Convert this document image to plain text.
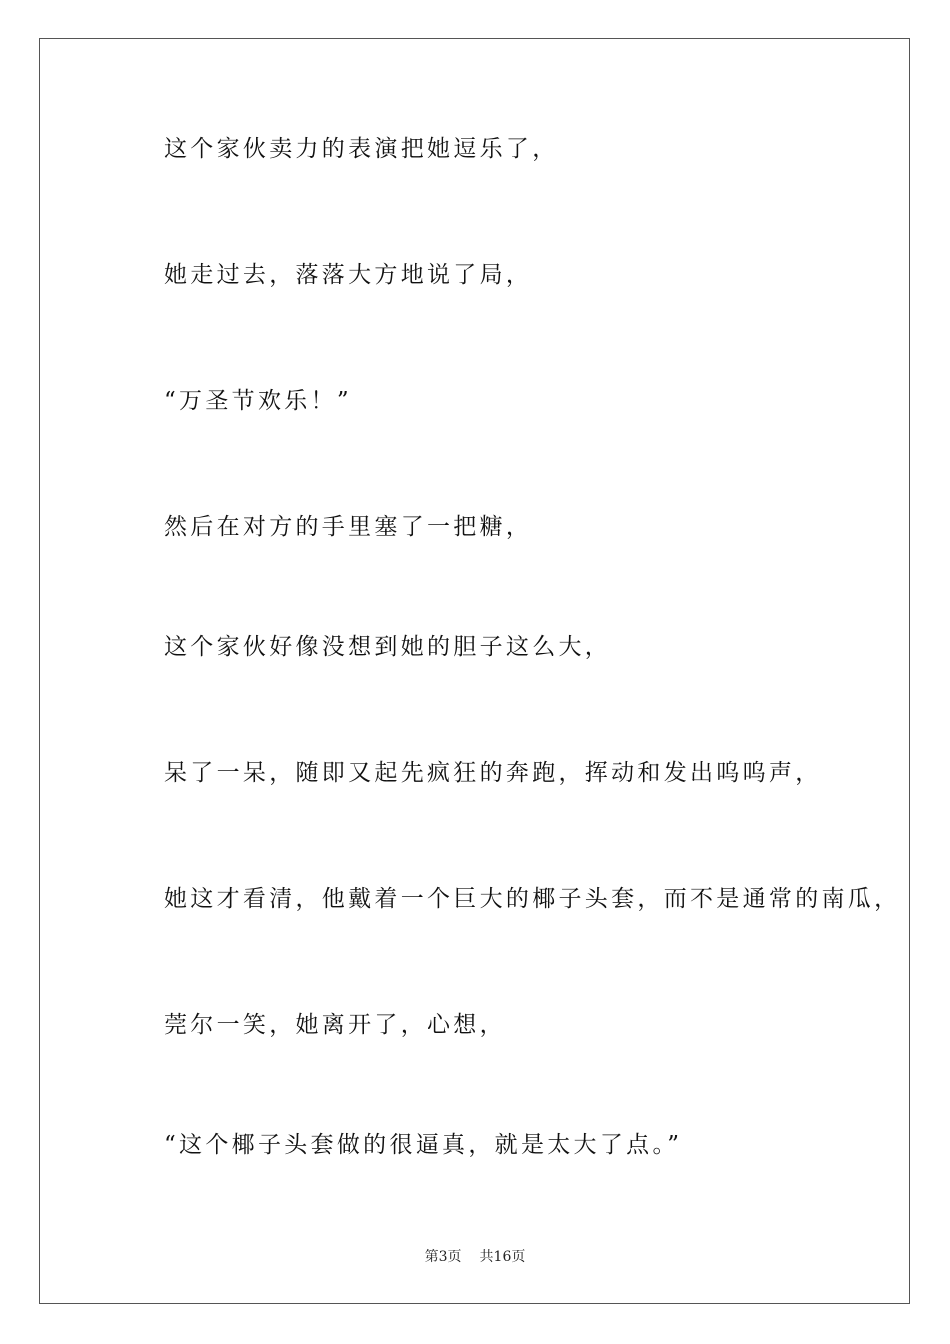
这个家伙卖力的表演把她逗乐了，
她走过去，落落大方地说了局，
“万圣节欢乐！”
然后在对方的手里塞了一把糖，
这个家伙好像没想到她的胆子这么大，
呆了一呆，随即又起先疯狂的奔跑，挥动和发出呜呜声，
她这才看清，他戴着一个巨大的椰子头套，而不是通常的南瓜，
莞尔一笑，她离开了，心想，
“这个椰子头套做的很逼真，就是太大了点。”
第3页 共16页
